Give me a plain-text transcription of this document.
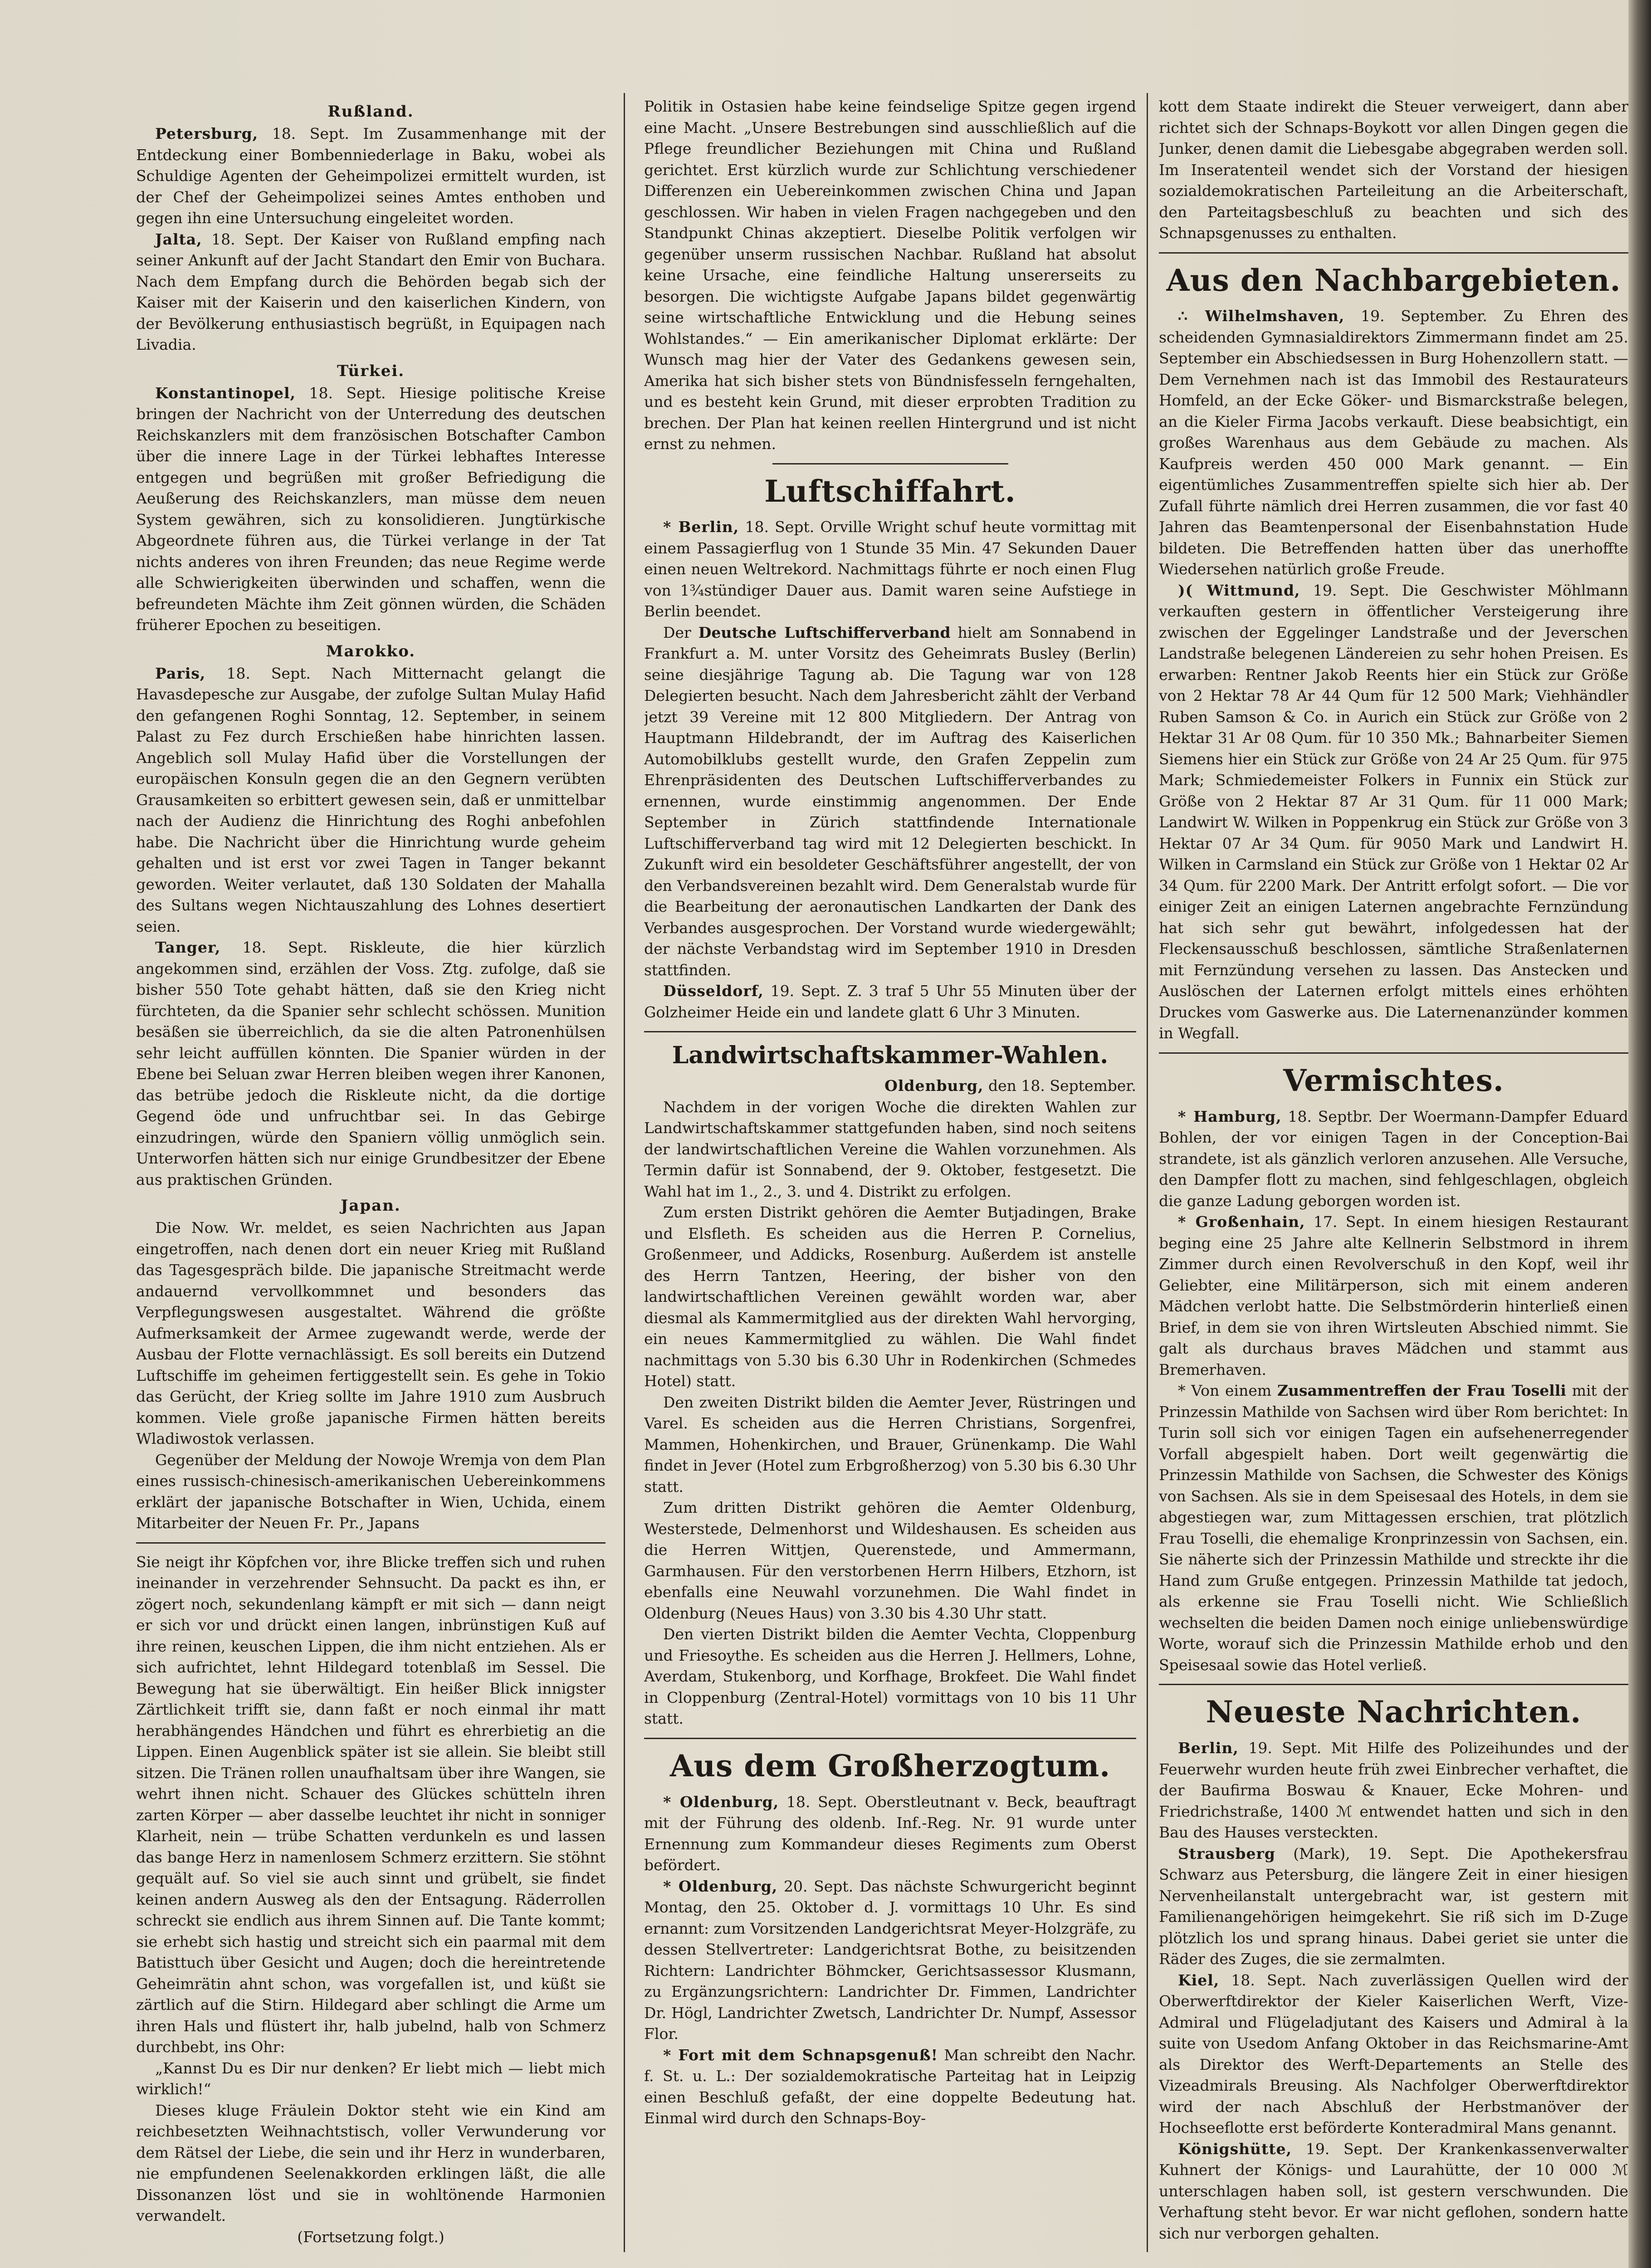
Rußland.

Petersburg, 18. Sept. Im Zusammenhange mit der Entdeckung einer Bombenniederlage in Baku, wobei als Schuldige Agenten der Geheimpolizei ermittelt wurden, ist der Chef der Geheimpolizei seines Amtes enthoben und gegen ihn eine Untersuchung eingeleitet worden.

Jalta, 18. Sept. Der Kaiser von Rußland empfing nach seiner Ankunft auf der Jacht Standart den Emir von Buchara. Nach dem Empfang durch die Behörden begab sich der Kaiser mit der Kaiserin und den kaiserlichen Kindern, von der Bevölkerung enthusiastisch begrüßt, in Equipagen nach Livadia.

Türkei.

Konstantinopel, 18. Sept. Hiesige politische Kreise bringen der Nachricht von der Unterredung des deutschen Reichskanzlers mit dem französischen Botschafter Cambon über die innere Lage in der Türkei lebhaftes Interesse entgegen und begrüßen mit großer Befriedigung die Aeußerung des Reichskanzlers, man müsse dem neuen System gewähren, sich zu konsolidieren. Jungtürkische Abgeordnete führen aus, die Türkei verlange in der Tat nichts anderes von ihren Freunden; das neue Regime werde alle Schwierigkeiten überwinden und schaffen, wenn die befreundeten Mächte ihm Zeit gönnen würden, die Schäden früherer Epochen zu beseitigen.

Marokko.

Paris, 18. Sept. Nach Mitternacht gelangt die Havasdepesche zur Ausgabe, der zufolge Sultan Mulay Hafid den gefangenen Roghi Sonntag, 12. September, in seinem Palast zu Fez durch Erschießen habe hinrichten lassen. Angeblich soll Mulay Hafid über die Vorstellungen der europäischen Konsuln gegen die an den Gegnern verübten Grausamkeiten so erbittert gewesen sein, daß er unmittelbar nach der Audienz die Hinrichtung des Roghi anbefohlen habe. Die Nachricht über die Hinrichtung wurde geheim gehalten und ist erst vor zwei Tagen in Tanger bekannt geworden. Weiter verlautet, daß 130 Soldaten der Mahalla des Sultans wegen Nichtauszahlung des Lohnes desertiert seien.

Tanger, 18. Sept. Riskleute, die hier kürzlich angekommen sind, erzählen der Voss. Ztg. zufolge, daß sie bisher 550 Tote gehabt hätten, daß sie den Krieg nicht fürchteten, da die Spanier sehr schlecht schössen. Munition besäßen sie überreichlich, da sie die alten Patronenhülsen sehr leicht auffüllen könnten. Die Spanier würden in der Ebene bei Seluan zwar Herren bleiben wegen ihrer Kanonen, das betrübe jedoch die Riskleute nicht, da die dortige Gegend öde und unfruchtbar sei. In das Gebirge einzudringen, würde den Spaniern völlig unmöglich sein. Unterworfen hätten sich nur einige Grundbesitzer der Ebene aus praktischen Gründen.

Japan.

Die Now. Wr. meldet, es seien Nachrichten aus Japan eingetroffen, nach denen dort ein neuer Krieg mit Rußland das Tagesgespräch bilde. Die japanische Streitmacht werde andauernd vervollkommnet und besonders das Verpflegungswesen ausgestaltet. Während die größte Aufmerksamkeit der Armee zugewandt werde, werde der Ausbau der Flotte vernachlässigt. Es soll bereits ein Dutzend Luftschiffe im geheimen fertiggestellt sein. Es gehe in Tokio das Gerücht, der Krieg sollte im Jahre 1910 zum Ausbruch kommen. Viele große japanische Firmen hätten bereits Wladiwostok verlassen.

Gegenüber der Meldung der Nowoje Wremja von dem Plan eines russisch-chinesisch-amerikanischen Uebereinkommens erklärt der japanische Botschafter in Wien, Uchida, einem Mitarbeiter der Neuen Fr. Pr., Japans

Sie neigt ihr Köpfchen vor, ihre Blicke treffen sich und ruhen ineinander in verzehrender Sehnsucht. Da packt es ihn, er zögert noch, sekundenlang kämpft er mit sich — dann neigt er sich vor und drückt einen langen, inbrünstigen Kuß auf ihre reinen, keuschen Lippen, die ihm nicht entziehen. Als er sich aufrichtet, lehnt Hildegard totenblaß im Sessel. Die Bewegung hat sie überwältigt. Ein heißer Blick innigster Zärtlichkeit trifft sie, dann faßt er noch einmal ihr matt herabhängendes Händchen und führt es ehrerbietig an die Lippen. Einen Augenblick später ist sie allein. Sie bleibt still sitzen. Die Tränen rollen unaufhaltsam über ihre Wangen, sie wehrt ihnen nicht. Schauer des Glückes schütteln ihren zarten Körper — aber dasselbe leuchtet ihr nicht in sonniger Klarheit, nein — trübe Schatten verdunkeln es und lassen das bange Herz in namenlosem Schmerz erzittern. Sie stöhnt gequält auf. So viel sie auch sinnt und grübelt, sie findet keinen andern Ausweg als den der Entsagung. Räderrollen schreckt sie endlich aus ihrem Sinnen auf. Die Tante kommt; sie erhebt sich hastig und streicht sich ein paarmal mit dem Batisttuch über Gesicht und Augen; doch die hereintretende Geheimrätin ahnt schon, was vorgefallen ist, und küßt sie zärtlich auf die Stirn. Hildegard aber schlingt die Arme um ihren Hals und flüstert ihr, halb jubelnd, halb von Schmerz durchbebt, ins Ohr:

„Kannst Du es Dir nur denken? Er liebt mich — liebt mich wirklich!“

Dieses kluge Fräulein Doktor steht wie ein Kind am reichbesetzten Weihnachtstisch, voller Verwunderung vor dem Rätsel der Liebe, die sein und ihr Herz in wunderbaren, nie empfundenen Seelenakkorden erklingen läßt, die alle Dissonanzen löst und sie in wohltönende Harmonien verwandelt.

(Fortsetzung folgt.)

Politik in Ostasien habe keine feindselige Spitze gegen irgend eine Macht. „Unsere Bestrebungen sind ausschließlich auf die Pflege freundlicher Beziehungen mit China und Rußland gerichtet. Erst kürzlich wurde zur Schlichtung verschiedener Differenzen ein Uebereinkommen zwischen China und Japan geschlossen. Wir haben in vielen Fragen nachgegeben und den Standpunkt Chinas akzeptiert. Dieselbe Politik verfolgen wir gegenüber unserm russischen Nachbar. Rußland hat absolut keine Ursache, eine feindliche Haltung unsererseits zu besorgen. Die wichtigste Aufgabe Japans bildet gegenwärtig seine wirtschaftliche Entwicklung und die Hebung seines Wohlstandes.“ — Ein amerikanischer Diplomat erklärte: Der Wunsch mag hier der Vater des Gedankens gewesen sein, Amerika hat sich bisher stets von Bündnisfesseln ferngehalten, und es besteht kein Grund, mit dieser erprobten Tradition zu brechen. Der Plan hat keinen reellen Hintergrund und ist nicht ernst zu nehmen.

Luftschiffahrt.

* Berlin, 18. Sept. Orville Wright schuf heute vormittag mit einem Passagierflug von 1 Stunde 35 Min. 47 Sekunden Dauer einen neuen Weltrekord. Nachmittags führte er noch einen Flug von 1¾stündiger Dauer aus. Damit waren seine Aufstiege in Berlin beendet.

Der Deutsche Luftschifferverband hielt am Sonnabend in Frankfurt a. M. unter Vorsitz des Geheimrats Busley (Berlin) seine diesjährige Tagung ab. Die Tagung war von 128 Delegierten besucht. Nach dem Jahresbericht zählt der Verband jetzt 39 Vereine mit 12 800 Mitgliedern. Der Antrag von Hauptmann Hildebrandt, der im Auftrag des Kaiserlichen Automobilklubs gestellt wurde, den Grafen Zeppelin zum Ehrenpräsidenten des Deutschen Luftschifferverbandes zu ernennen, wurde einstimmig angenommen. Der Ende September in Zürich stattfindende Internationale Luftschifferverband tag wird mit 12 Delegierten beschickt. In Zukunft wird ein besoldeter Geschäftsführer angestellt, der von den Verbandsvereinen bezahlt wird. Dem Generalstab wurde für die Bearbeitung der aeronautischen Landkarten der Dank des Verbandes ausgesprochen. Der Vorstand wurde wiedergewählt; der nächste Verbandstag wird im September 1910 in Dresden stattfinden.

Düsseldorf, 19. Sept. Z. 3 traf 5 Uhr 55 Minuten über der Golzheimer Heide ein und landete glatt 6 Uhr 3 Minuten.

Landwirtschaftskammer-Wahlen.

Oldenburg, den 18. September.

Nachdem in der vorigen Woche die direkten Wahlen zur Landwirtschaftskammer stattgefunden haben, sind noch seitens der landwirtschaftlichen Vereine die Wahlen vorzunehmen. Als Termin dafür ist Sonnabend, der 9. Oktober, festgesetzt. Die Wahl hat im 1., 2., 3. und 4. Distrikt zu erfolgen.

Zum ersten Distrikt gehören die Aemter Butjadingen, Brake und Elsfleth. Es scheiden aus die Herren P. Cornelius, Großenmeer, und Addicks, Rosenburg. Außerdem ist anstelle des Herrn Tantzen, Heering, der bisher von den landwirtschaftlichen Vereinen gewählt worden war, aber diesmal als Kammermitglied aus der direkten Wahl hervorging, ein neues Kammermitglied zu wählen. Die Wahl findet nachmittags von 5.30 bis 6.30 Uhr in Rodenkirchen (Schmedes Hotel) statt.

Den zweiten Distrikt bilden die Aemter Jever, Rüstringen und Varel. Es scheiden aus die Herren Christians, Sorgenfrei, Mammen, Hohenkirchen, und Brauer, Grünenkamp. Die Wahl findet in Jever (Hotel zum Erbgroßherzog) von 5.30 bis 6.30 Uhr statt.

Zum dritten Distrikt gehören die Aemter Oldenburg, Westerstede, Delmenhorst und Wildeshausen. Es scheiden aus die Herren Wittjen, Querenstede, und Ammermann, Garmhausen. Für den verstorbenen Herrn Hilbers, Etzhorn, ist ebenfalls eine Neuwahl vorzunehmen. Die Wahl findet in Oldenburg (Neues Haus) von 3.30 bis 4.30 Uhr statt.

Den vierten Distrikt bilden die Aemter Vechta, Cloppenburg und Friesoythe. Es scheiden aus die Herren J. Hellmers, Lohne, Averdam, Stukenborg, und Korfhage, Brokfeet. Die Wahl findet in Cloppenburg (Zentral-Hotel) vormittags von 10 bis 11 Uhr statt.

Aus dem Großherzogtum.

* Oldenburg, 18. Sept. Oberstleutnant v. Beck, beauftragt mit der Führung des oldenb. Inf.-Reg. Nr. 91 wurde unter Ernennung zum Kommandeur dieses Regiments zum Oberst befördert.

* Oldenburg, 20. Sept. Das nächste Schwurgericht beginnt Montag, den 25. Oktober d. J. vormittags 10 Uhr. Es sind ernannt: zum Vorsitzenden Landgerichtsrat Meyer-Holzgräfe, zu dessen Stellvertreter: Landgerichtsrat Bothe, zu beisitzenden Richtern: Landrichter Böhmcker, Gerichtsassessor Klusmann, zu Ergänzungsrichtern: Landrichter Dr. Fimmen, Landrichter Dr. Högl, Landrichter Zwetsch, Landrichter Dr. Numpf, Assessor Flor.

* Fort mit dem Schnapsgenuß! Man schreibt den Nachr. f. St. u. L.: Der sozialdemokratische Parteitag hat in Leipzig einen Beschluß gefaßt, der eine doppelte Bedeutung hat. Einmal wird durch den Schnaps-Boy-

kott dem Staate indirekt die Steuer verweigert, dann aber richtet sich der Schnaps-Boykott vor allen Dingen gegen die Junker, denen damit die Liebesgabe abgegraben werden soll. Im Inseratenteil wendet sich der Vorstand der hiesigen sozialdemokratischen Parteileitung an die Arbeiterschaft, den Parteitagsbeschluß zu beachten und sich des Schnapsgenusses zu enthalten.

Aus den Nachbargebieten.

∴ Wilhelmshaven, 19. September. Zu Ehren des scheidenden Gymnasialdirektors Zimmermann findet am 25. September ein Abschiedsessen in Burg Hohenzollern statt. — Dem Vernehmen nach ist das Immobil des Restaurateurs Homfeld, an der Ecke Göker- und Bismarckstraße belegen, an die Kieler Firma Jacobs verkauft. Diese beabsichtigt, ein großes Warenhaus aus dem Gebäude zu machen. Als Kaufpreis werden 450 000 Mark genannt. — Ein eigentümliches Zusammentreffen spielte sich hier ab. Der Zufall führte nämlich drei Herren zusammen, die vor fast 40 Jahren das Beamtenpersonal der Eisenbahnstation Hude bildeten. Die Betreffenden hatten über das unerhoffte Wiedersehen natürlich große Freude.

)( Wittmund, 19. Sept. Die Geschwister Möhlmann verkauften gestern in öffentlicher Versteigerung ihre zwischen der Eggelinger Landstraße und der Jeverschen Landstraße belegenen Ländereien zu sehr hohen Preisen. Es erwarben: Rentner Jakob Reents hier ein Stück zur Größe von 2 Hektar 78 Ar 44 Qum für 12 500 Mark; Viehhändler Ruben Samson & Co. in Aurich ein Stück zur Größe von 2 Hektar 31 Ar 08 Qum. für 10 350 Mk.; Bahnarbeiter Siemen Siemens hier ein Stück zur Größe von 24 Ar 25 Qum. für 975 Mark; Schmiedemeister Folkers in Funnix ein Stück zur Größe von 2 Hektar 87 Ar 31 Qum. für 11 000 Mark; Landwirt W. Wilken in Poppenkrug ein Stück zur Größe von 3 Hektar 07 Ar 34 Qum. für 9050 Mark und Landwirt H. Wilken in Carmsland ein Stück zur Größe von 1 Hektar 02 Ar 34 Qum. für 2200 Mark. Der Antritt erfolgt sofort. — Die vor einiger Zeit an einigen Laternen angebrachte Fernzündung hat sich sehr gut bewährt, infolgedessen hat der Fleckensausschuß beschlossen, sämtliche Straßenlaternen mit Fernzündung versehen zu lassen. Das Anstecken und Auslöschen der Laternen erfolgt mittels eines erhöhten Druckes vom Gaswerke aus. Die Laternenanzünder kommen in Wegfall.

Vermischtes.

* Hamburg, 18. Septbr. Der Woermann-Dampfer Eduard Bohlen, der vor einigen Tagen in der Conception-Bai strandete, ist als gänzlich verloren anzusehen. Alle Versuche, den Dampfer flott zu machen, sind fehlgeschlagen, obgleich die ganze Ladung geborgen worden ist.

* Großenhain, 17. Sept. In einem hiesigen Restaurant beging eine 25 Jahre alte Kellnerin Selbstmord in ihrem Zimmer durch einen Revolverschuß in den Kopf, weil ihr Geliebter, eine Militärperson, sich mit einem anderen Mädchen verlobt hatte. Die Selbstmörderin hinterließ einen Brief, in dem sie von ihren Wirtsleuten Abschied nimmt. Sie galt als durchaus braves Mädchen und stammt aus Bremerhaven.

* Von einem Zusammentreffen der Frau Toselli mit der Prinzessin Mathilde von Sachsen wird über Rom berichtet: In Turin soll sich vor einigen Tagen ein aufsehenerregender Vorfall abgespielt haben. Dort weilt gegenwärtig die Prinzessin Mathilde von Sachsen, die Schwester des Königs von Sachsen. Als sie in dem Speisesaal des Hotels, in dem sie abgestiegen war, zum Mittagessen erschien, trat plötzlich Frau Toselli, die ehemalige Kronprinzessin von Sachsen, ein. Sie näherte sich der Prinzessin Mathilde und streckte ihr die Hand zum Gruße entgegen. Prinzessin Mathilde tat jedoch, als erkenne sie Frau Toselli nicht. Wie Schließlich wechselten die beiden Damen noch einige unliebenswürdige Worte, worauf sich die Prinzessin Mathilde erhob und den Speisesaal sowie das Hotel verließ.

Neueste Nachrichten.

Berlin, 19. Sept. Mit Hilfe des Polizeihundes und der Feuerwehr wurden heute früh zwei Einbrecher verhaftet, die der Baufirma Boswau & Knauer, Ecke Mohren- und Friedrichstraße, 1400 ℳ entwendet hatten und sich in den Bau des Hauses versteckten.

Strausberg (Mark), 19. Sept. Die Apothekersfrau Schwarz aus Petersburg, die längere Zeit in einer hiesigen Nervenheilanstalt untergebracht war, ist gestern mit Familienangehörigen heimgekehrt. Sie riß sich im D-Zuge plötzlich los und sprang hinaus. Dabei geriet sie unter die Räder des Zuges, die sie zermalmten.

Kiel, 18. Sept. Nach zuverlässigen Quellen wird der Oberwerftdirektor der Kieler Kaiserlichen Werft, Vize-Admiral und Flügeladjutant des Kaisers und Admiral à la suite von Usedom Anfang Oktober in das Reichsmarine-Amt als Direktor des Werft-Departements an Stelle des Vizeadmirals Breusing. Als Nachfolger Oberwerftdirektor wird der nach Abschluß der Herbstmanöver der Hochseeflotte erst beförderte Konteradmiral Mans genannt.

Königshütte, 19. Sept. Der Krankenkassenverwalter Kuhnert der Königs- und Laurahütte, der 10 000 ℳ unterschlagen haben soll, ist gestern verschwunden. Die Verhaftung steht bevor. Er war nicht geflohen, sondern hatte sich nur verborgen gehalten.
